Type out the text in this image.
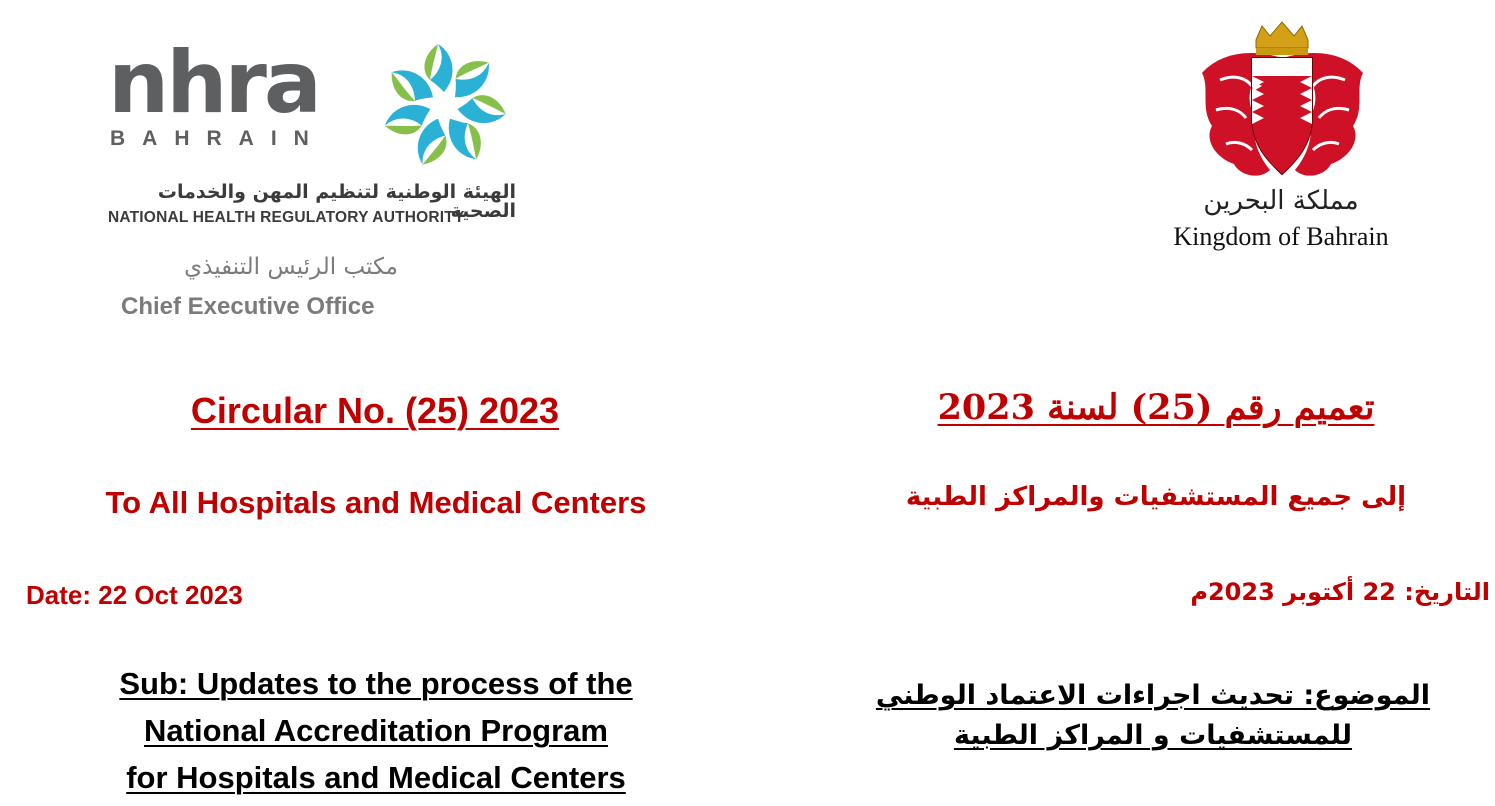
nhra
BAHRAIN
الهيئة الوطنية لتنظيم المهن والخدمات الصحية
NATIONAL HEALTH REGULATORY AUTHORITY
مكتب الرئيس التنفيذي
Chief Executive Office
مملكة البحرين
Kingdom of Bahrain
Circular No. (25) 2023	تعميم رقم (25) لسنة 2023
To All Hospitals and Medical Centers	إلى جميع المستشفيات والمراكز الطبية
Date: 22 Oct 2023	التاريخ: 22 أكتوبر 2023م
Sub: Updates to the process of the
National Accreditation Program
for Hospitals and Medical Centers
الموضوع: تحديث اجراءات الاعتماد الوطني
للمستشفيات و المراكز الطبية
